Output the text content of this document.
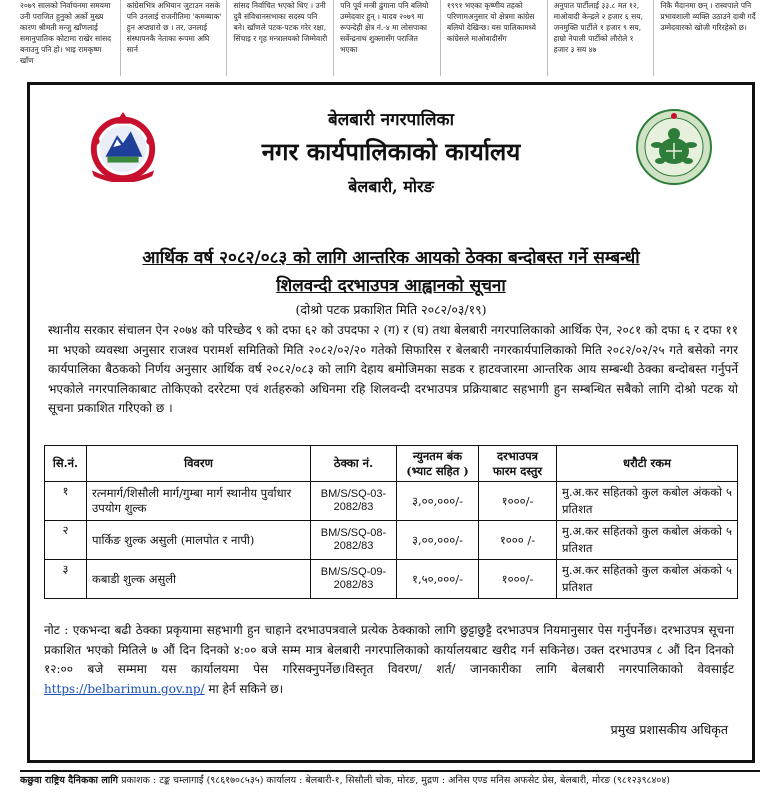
२०७९ सालको निर्वाचनमा समयमा उनी पराजित हुनुको अर्को मुख्य कारण श्रीमती मन्जु खाँणलाई समानुपातिक कोटामा राखेर सांसद बनाउनु पनि हो। भाइ रामकृष्ण खाँण
कांग्रेसभित्र अभियान जुटाउन नसके पनि उनलाई राजनीतिमा 'कमब्याक' हुन अप्ठ्यारो छ । तर, उनलाई संस्थापनकै नेताका रूपमा अघि सार्न
सांसद निर्वाचित भएको थिए । उनी दुवै संविधानसभाका सदस्य पनि बने। खाँणले पटक-पटक गरेर रक्षा, सिंचाइ र गृह मन्त्रालयको जिम्मेवारी
पनि पूर्व मन्त्री ढुंगाना पनि बलियो उम्मेदवार हुन् । यादव २०७९ मा रूपन्देही क्षेत्र नं.-४ मा लोसपाका सर्वेन्द्रनाथ शुक्लासँग पराजित भएका
१९९१ भएका कृष्णीय तहको परिणामअनुसार यो क्षेत्रमा कांग्रेस बलियो देखिन्छ। यस पालिकामध्ये कांग्रेसले माओवादीसँग
अनुपात पार्टीलाई ३३.८ मत १२, माओवादी केन्द्रले २ हजार ६ सय, जनमुक्ति पार्टीले १ हजार ९ सय, हाम्रो नेपाली पार्टीको लौरोले १ हजार ३ सय ४७
निकै मैदानमा छन् । रास्वपाले पनि प्रभावशाली व्यक्ति उठाउने दाबी गर्दै उम्मेदवारको खोजी गरिरहेको छ।
बेलबारी नगरपालिका
नगर कार्यपालिकाको कार्यालय
बेलबारी, मोरङ
आर्थिक वर्ष २०८२/०८३ को लागि आन्तरिक आयको ठेक्का बन्दोबस्त गर्ने सम्बन्धी
शिलवन्दी दरभाउपत्र आह्वानको सूचना
(दोश्रो पटक प्रकाशित मिति २०८२/०३/१९)

स्थानीय सरकार संचालन ऐन २०७४ को परिच्छेद ९ को दफा ६२ को उपदफा २ (ग) र (घ) तथा बेलबारी नगरपालिकाको आर्थिक ऐन, २०८१ को दफा ६ र दफा ११ मा भएको व्यवस्था अनुसार राजश्व परामर्श समितिको मिति २०८२/०२/२० गतेको सिफारिस र बेलबारी नगरकार्यपालिकाको मिति २०८२/०२/२५ गते बसेको नगर कार्यपालिका बैठकको निर्णय अनुसार आर्थिक वर्ष २०८२/०८३ को लागि देहाय बमोजिमका सडक र हाटवजारमा आन्तरिक आय सम्बन्धी ठेक्का बन्दोबस्त गर्नुपर्ने भएकोले नगरपालिकाबाट तोकिएको दररेटमा एवं शर्तहरुको अधिनमा रहि शिलवन्दी दरभाउपत्र प्रक्रियाबाट सहभागी हुन सम्बन्धित सबैको लागि दोश्रो पटक यो सूचना प्रकाशित गरिएको छ ।

सि.नं.	विवरण	ठेक्का नं.	न्युनतम बंक (भ्याट सहित )	दरभाउपत्र फारम दस्तुर	धरौटी रकम
१	रत्नमार्ग/शिसौली मार्ग/गुम्बा मार्ग स्थानीय पुर्वाधार उपयोग शुल्क	BM/S/SQ-03-2082/83	३,००,०००/-	१०००/-	मु.अ.कर सहितको कुल कबोल अंकको ५ प्रतिशत
२	पार्किङ शुल्क असुली (मालपोत र नापी)	BM/S/SQ-08-2082/83	३,००,०००/-	१००० /-	मु.अ.कर सहितको कुल कबोल अंकको ५ प्रतिशत
३	कबाडी शुल्क असुली	BM/S/SQ-09-2082/83	१,५०,०००/-	१०००/-	मु.अ.कर सहितको कुल कबोल अंकको ५ प्रतिशत

नोट : एकभन्दा बढी ठेक्का प्रकृयामा सहभागी हुन चाहाने दरभाउपत्रवाले प्रत्येक ठेक्काको लागि छुट्टाछुट्टै दरभाउपत्र नियमानुसार पेस गर्नुपर्नेछ। दरभाउपत्र सूचना प्रकाशित भएको मितिले ७ औं दिन दिनको ४:०० बजे सम्म मात्र बेलबारी नगरपालिकाको कार्यालयबाट खरीद गर्न सकिनेछ। उक्त दरभाउपत्र ८ औं दिन दिनको १२:०० बजे सम्ममा यस कार्यालयमा पेस गरिसक्नुपर्नेछ।विस्तृत विवरण/ शर्त/ जानकारीका लागि बेलबारी नगरपालिकाको वेवसाईट https://belbarimun.gov.np/ मा हेर्न सकिने छ।

प्रमुख प्रशासकीय अधिकृत
कछुवा राष्ट्रिय दैनिकका लागि प्रकाशक : टङ्क चम्लागाईं (९८६१७०८५३५) कार्यालय : बेलबारी-१, सिसौली चोक, मोरङ, मुद्रण : अनिस एण्ड मनिस अफसेट प्रेस, बेलबारी, मोरङ (९८१२३९८४०४)
